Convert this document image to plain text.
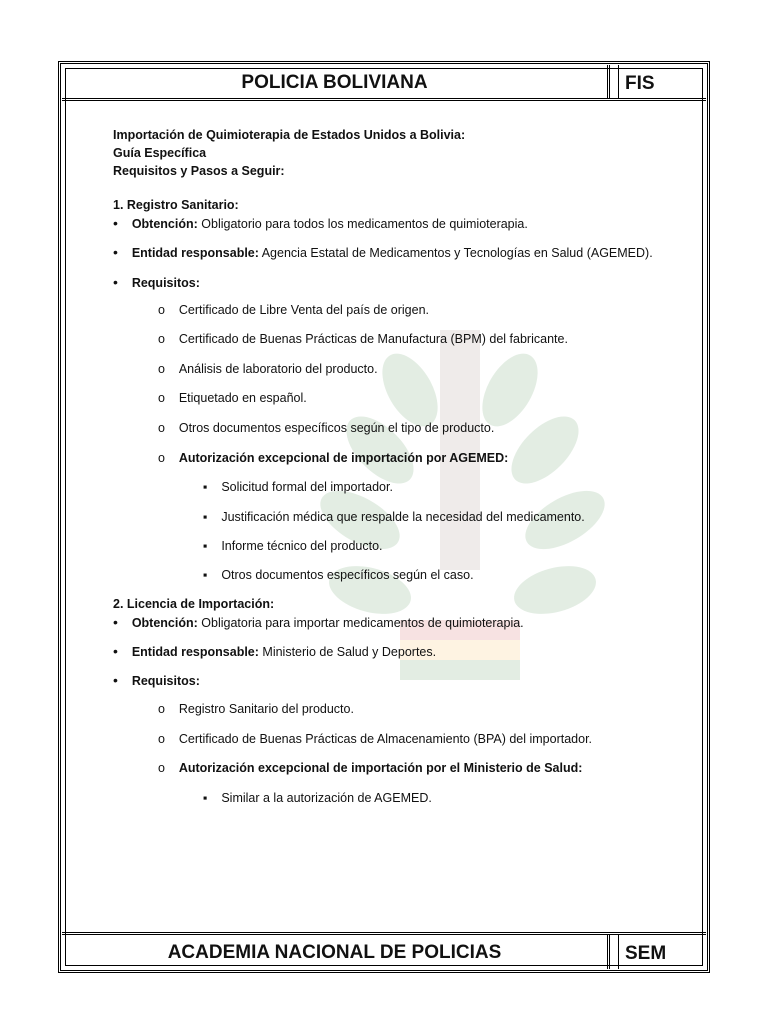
POLICIA BOLIVIANA	FIS
Importación de Quimioterapia de Estados Unidos a Bolivia:
Guía Específica
Requisitos y Pasos a Seguir:
1. Registro Sanitario:
• Obtención: Obligatorio para todos los medicamentos de quimioterapia.
• Entidad responsable: Agencia Estatal de Medicamentos y Tecnologías en Salud (AGEMED).
• Requisitos:
o    Certificado de Libre Venta del país de origen.
o    Certificado de Buenas Prácticas de Manufactura (BPM) del fabricante.
o    Análisis de laboratorio del producto.
o    Etiquetado en español.
o    Otros documentos específicos según el tipo de producto.
o    Autorización excepcional de importación por AGEMED:
▪    Solicitud formal del importador.
▪    Justificación médica que respalde la necesidad del medicamento.
▪    Informe técnico del producto.
▪    Otros documentos específicos según el caso.
2. Licencia de Importación:
• Obtención: Obligatoria para importar medicamentos de quimioterapia.
• Entidad responsable: Ministerio de Salud y Deportes.
• Requisitos:
o    Registro Sanitario del producto.
o    Certificado de Buenas Prácticas de Almacenamiento (BPA) del importador.
o    Autorización excepcional de importación por el Ministerio de Salud:
▪    Similar a la autorización de AGEMED.
ACADEMIA NACIONAL DE POLICIAS	SEM
